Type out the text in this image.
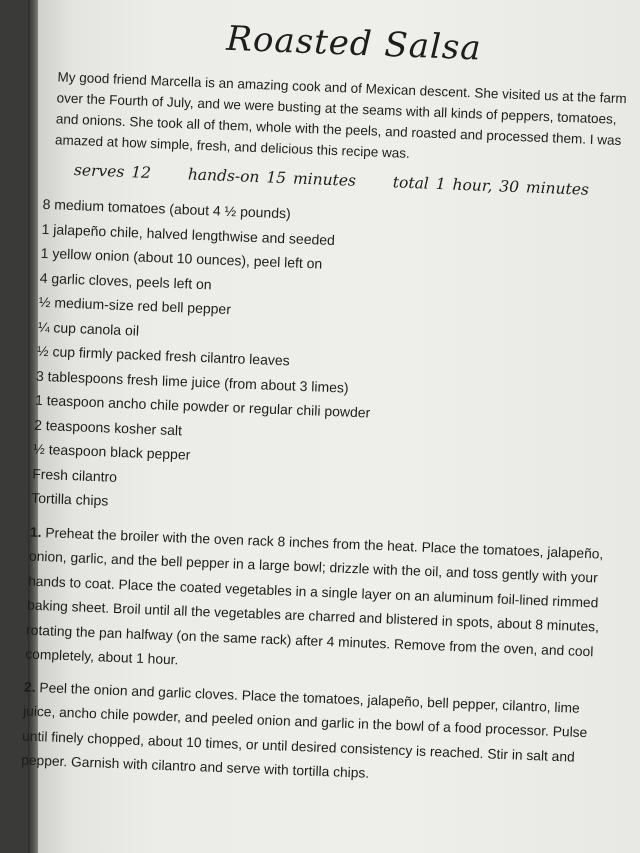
Roasted Salsa

My good friend Marcella is an amazing cook and of Mexican descent. She visited us at the farm over the Fourth of July, and we were busting at the seams with all kinds of peppers, tomatoes, and onions. She took all of them, whole with the peels, and roasted and processed them. I was amazed at how simple, fresh, and delicious this recipe was.

serves 12 hands-on 15 minutes total 1 hour, 30 minutes
8 medium tomatoes (about 4 ½ pounds)
1 jalapeño chile, halved lengthwise and seeded
1 yellow onion (about 10 ounces), peel left on
4 garlic cloves, peels left on
½ medium-size red bell pepper
¼ cup canola oil
½ cup firmly packed fresh cilantro leaves
3 tablespoons fresh lime juice (from about 3 limes)
1 teaspoon ancho chile powder or regular chili powder
2 teaspoons kosher salt
½ teaspoon black pepper
Fresh cilantro
Tortilla chips

1. Preheat the broiler with the oven rack 8 inches from the heat. Place the tomatoes, jalapeño, onion, garlic, and the bell pepper in a large bowl; drizzle with the oil, and toss gently with your hands to coat. Place the coated vegetables in a single layer on an aluminum foil-lined rimmed baking sheet. Broil until all the vegetables are charred and blistered in spots, about 8 minutes, rotating the pan halfway (on the same rack) after 4 minutes. Remove from the oven, and cool completely, about 1 hour.

2. Peel the onion and garlic cloves. Place the tomatoes, jalapeño, bell pepper, cilantro, lime juice, ancho chile powder, and peeled onion and garlic in the bowl of a food processor. Pulse until finely chopped, about 10 times, or until desired consistency is reached. Stir in salt and pepper. Garnish with cilantro and serve with tortilla chips.
